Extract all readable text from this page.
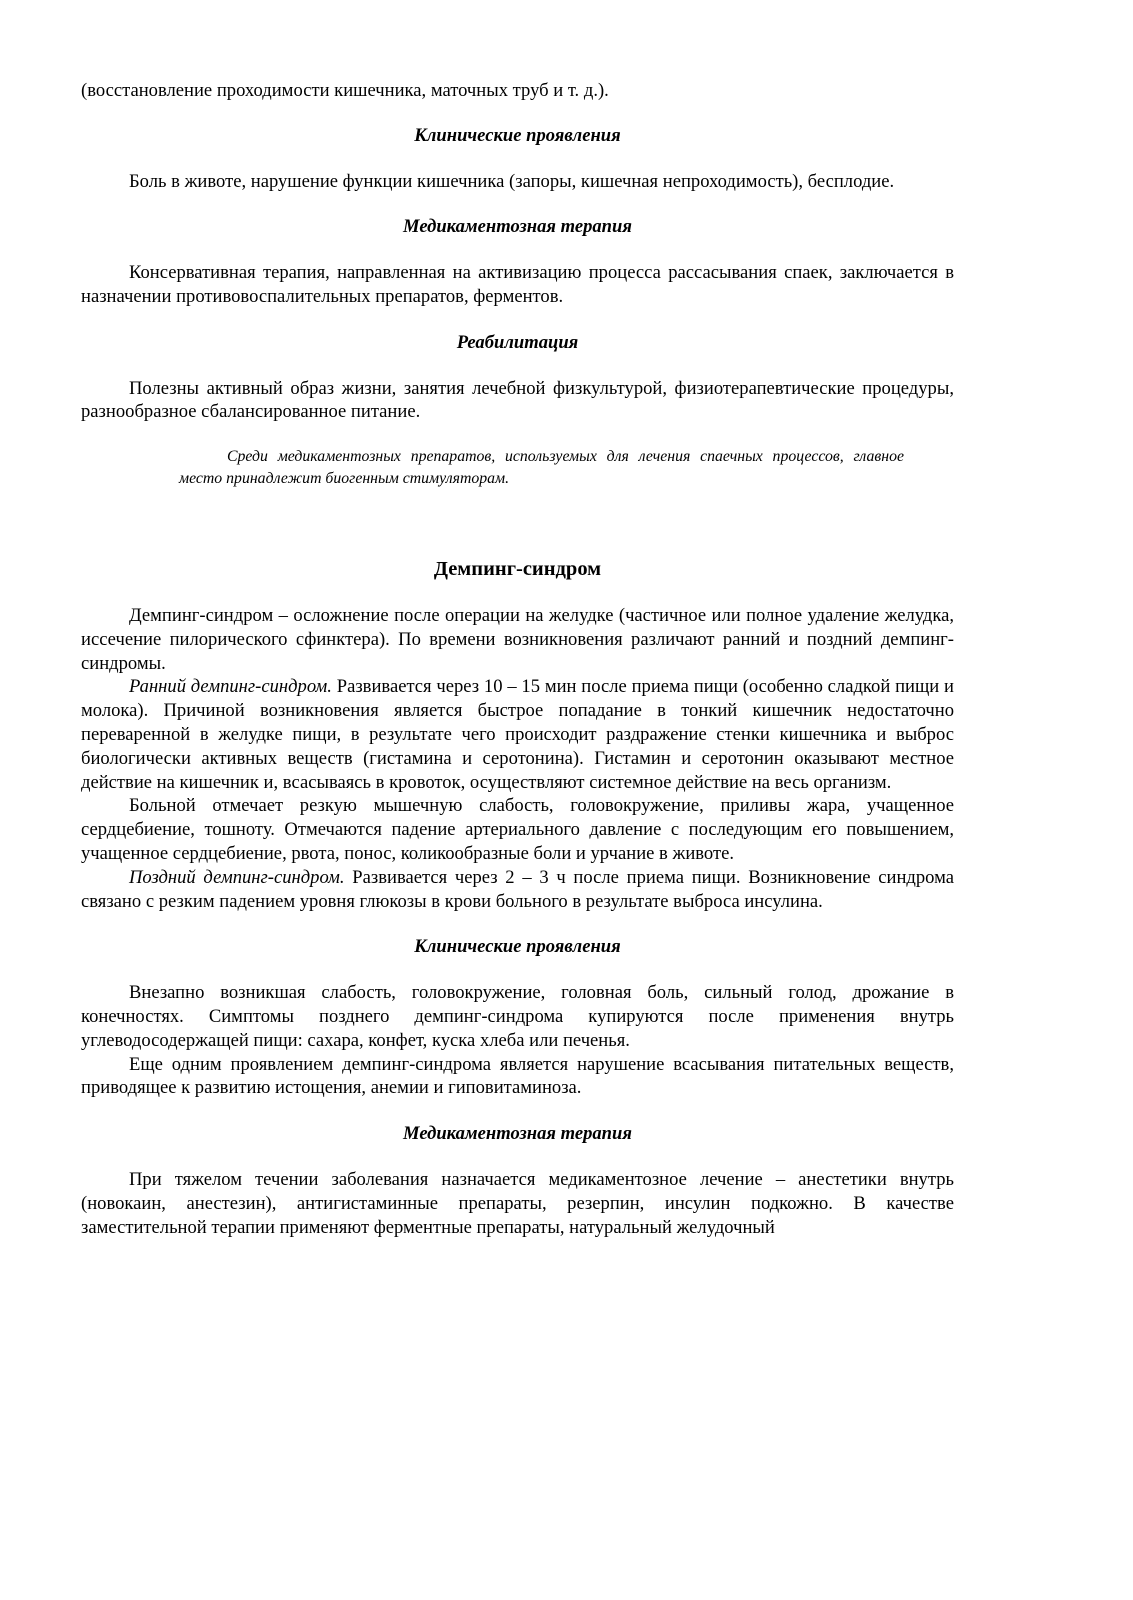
(восстановление проходимости кишечника, маточных труб и т. д.).

Клинические проявления

Боль в животе, нарушение функции кишечника (запоры, кишечная непроходимость), бесплодие.

Медикаментозная терапия

Консервативная терапия, направленная на активизацию процесса рассасывания спаек, заключается в назначении противовоспалительных препаратов, ферментов.

Реабилитация

Полезны активный образ жизни, занятия лечебной физкультурой, физиотерапевтические процедуры, разнообразное сбалансированное питание.

Среди медикаментозных препаратов, используемых для лечения спаечных процессов, главное место принадлежит биогенным стимуляторам.

Демпинг-синдром

Демпинг-синдром – осложнение после операции на желудке (частичное или полное удаление желудка, иссечение пилорического сфинктера). По времени возникновения различают ранний и поздний демпинг-синдромы.

Ранний демпинг-синдром. Развивается через 10 – 15 мин после приема пищи (особенно сладкой пищи и молока). Причиной возникновения является быстрое попадание в тонкий кишечник недостаточно переваренной в желудке пищи, в результате чего происходит раздражение стенки кишечника и выброс биологически активных веществ (гистамина и серотонина). Гистамин и серотонин оказывают местное действие на кишечник и, всасываясь в кровоток, осуществляют системное действие на весь организм.

Больной отмечает резкую мышечную слабость, головокружение, приливы жара, учащенное сердцебиение, тошноту. Отмечаются падение артериального давление с последующим его повышением, учащенное сердцебиение, рвота, понос, коликообразные боли и урчание в животе.

Поздний демпинг-синдром. Развивается через 2 – 3 ч после приема пищи. Возникновение синдрома связано с резким падением уровня глюкозы в крови больного в результате выброса инсулина.

Клинические проявления

Внезапно возникшая слабость, головокружение, головная боль, сильный голод, дрожание в конечностях. Симптомы позднего демпинг-синдрома купируются после применения внутрь углеводосодержащей пищи: сахара, конфет, куска хлеба или печенья.

Еще одним проявлением демпинг-синдрома является нарушение всасывания питательных веществ, приводящее к развитию истощения, анемии и гиповитаминоза.

Медикаментозная терапия

При тяжелом течении заболевания назначается медикаментозное лечение – анестетики внутрь (новокаин, анестезин), антигистаминные препараты, резерпин, инсулин подкожно. В качестве заместительной терапии применяют ферментные препараты, натуральный желудочный
